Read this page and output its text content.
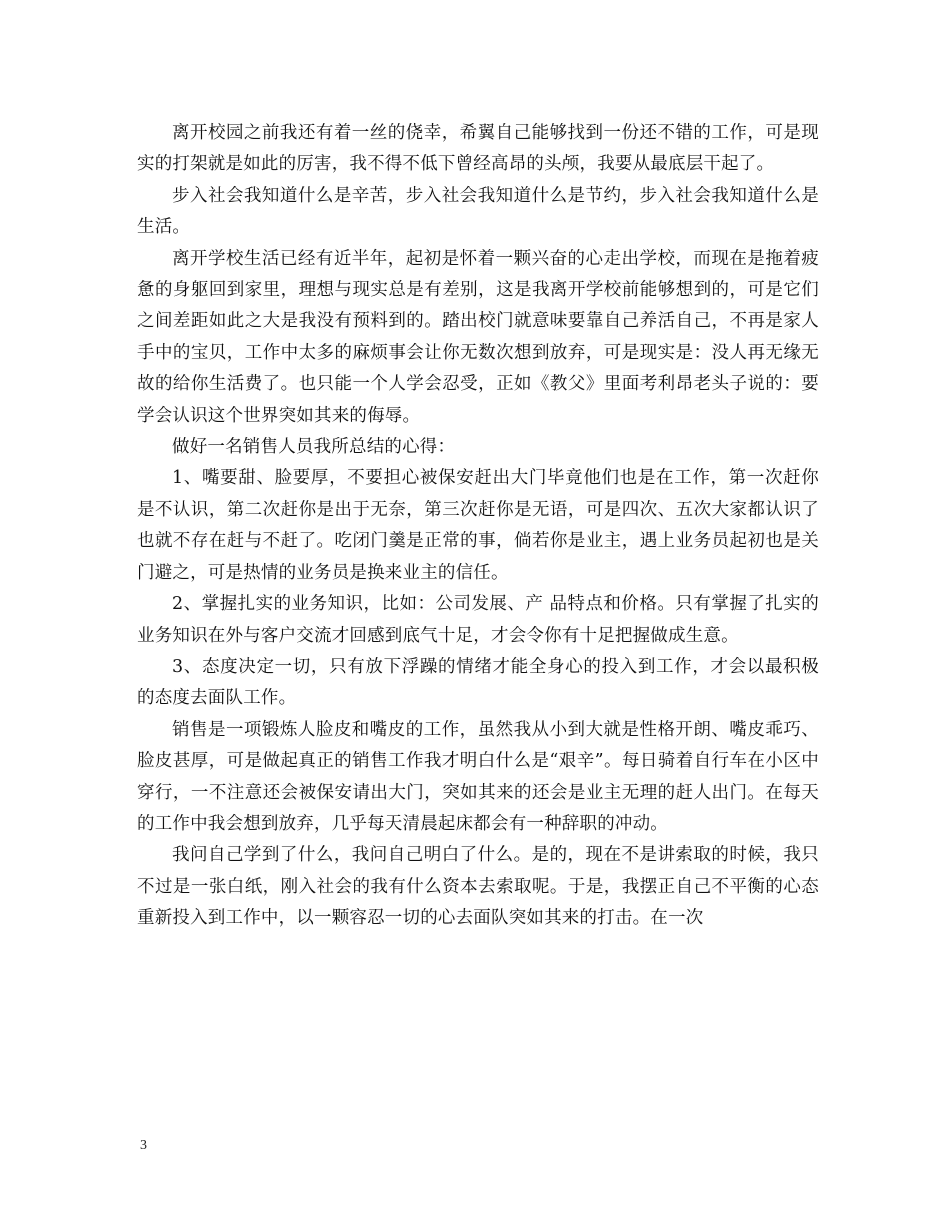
离开校园之前我还有着一丝的侥幸，希翼自己能够找到一份还不错的工作，可是现实的打架就是如此的厉害，我不得不低下曾经高昂的头颅，我要从最底层干起了。

步入社会我知道什么是辛苦，步入社会我知道什么是节约，步入社会我知道什么是生活。

离开学校生活已经有近半年，起初是怀着一颗兴奋的心走出学校，而现在是拖着疲惫的身躯回到家里，理想与现实总是有差别，这是我离开学校前能够想到的，可是它们之间差距如此之大是我没有预料到的。踏出校门就意味要靠自己养活自己，不再是家人手中的宝贝，工作中太多的麻烦事会让你无数次想到放弃，可是现实是：没人再无缘无故的给你生活费了。也只能一个人学会忍受，正如《教父》里面考利昂老头子说的：要学会认识这个世界突如其来的侮辱。

做好一名销售人员我所总结的心得：

1、嘴要甜、脸要厚，不要担心被保安赶出大门毕竟他们也是在工作，第一次赶你是不认识，第二次赶你是出于无奈，第三次赶你是无语，可是四次、五次大家都认识了也就不存在赶与不赶了。吃闭门羹是正常的事，倘若你是业主，遇上业务员起初也是关门避之，可是热情的业务员是换来业主的信任。

2、掌握扎实的业务知识，比如：公司发展、产 品特点和价格。只有掌握了扎实的业务知识在外与客户交流才回感到底气十足，才会令你有十足把握做成生意。

3、态度决定一切，只有放下浮躁的情绪才能全身心的投入到工作，才会以最积极的态度去面队工作。

销售是一项锻炼人脸皮和嘴皮的工作，虽然我从小到大就是性格开朗、嘴皮乖巧、脸皮甚厚，可是做起真正的销售工作我才明白什么是“艰辛”。每日骑着自行车在小区中穿行，一不注意还会被保安请出大门，突如其来的还会是业主无理的赶人出门。在每天的工作中我会想到放弃，几乎每天清晨起床都会有一种辞职的冲动。

我问自己学到了什么，我问自己明白了什么。是的，现在不是讲索取的时候，我只不过是一张白纸，刚入社会的我有什么资本去索取呢。于是，我摆正自己不平衡的心态重新投入到工作中，以一颗容忍一切的心去面队突如其来的打击。在一次

3
